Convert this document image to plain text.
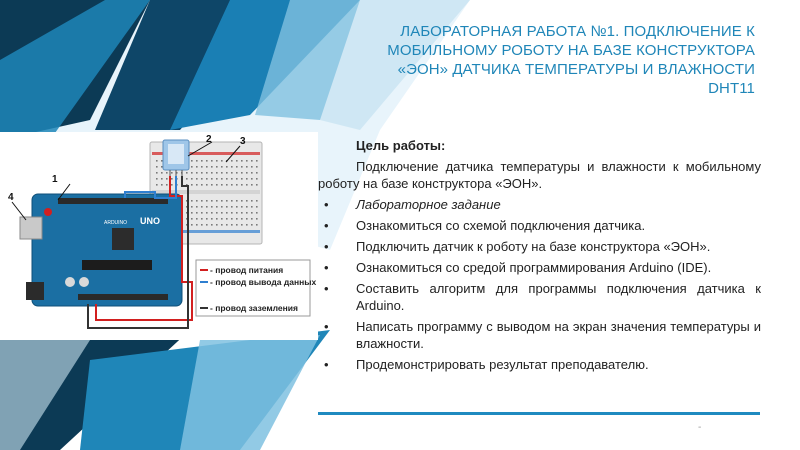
ЛАБОРАТОРНАЯ РАБОТА №1. ПОДКЛЮЧЕНИЕ К МОБИЛЬНОМУ РОБОТУ НА БАЗЕ КОНСТРУКТОРА «ЭОН» ДАТЧИКА ТЕМПЕРАТУРЫ И ВЛАЖНОСТИ DHT11
UNO
ARDUINO
1
2	3
4
- провод питания
- провод вывода данных
- провод заземления
Цель работы:
Подключение датчика температуры и влажности к мобильному роботу на базе конструктора «ЭОН».
• Лабораторное задание
• Ознакомиться со схемой подключения датчика.
• Подключить датчик к роботу на базе конструктора «ЭОН».
• Ознакомиться со средой программирования Arduino (IDE).
• Составить алгоритм для программы подключения датчика к Arduino.
• Написать программу с выводом на экран значения температуры и влажности.
• Продемонстрировать результат преподавателю.
-
